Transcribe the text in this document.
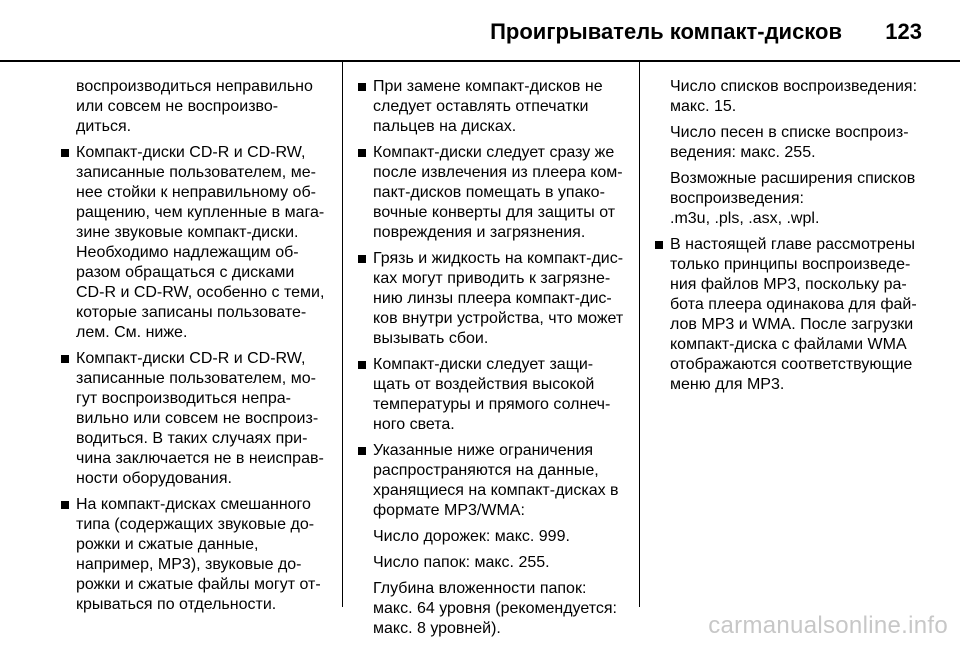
Проигрыватель компакт-дисков 123
воспроизводиться неправильно
или совсем не воспроизво-
диться.
Компакт-диски CD-R и CD-RW,
записанные пользователем, ме-
нее стойки к неправильному об-
ращению, чем купленные в мага-
зине звуковые компакт-диски.
Необходимо надлежащим об-
разом обращаться с дисками
CD-R и CD-RW, особенно с теми,
которые записаны пользовате-
лем. См. ниже.
Компакт-диски CD-R и CD-RW,
записанные пользователем, мо-
гут воспроизводиться непра-
вильно или совсем не воспроиз-
водиться. В таких случаях при-
чина заключается не в неисправ-
ности оборудования.
На компакт-дисках смешанного
типа (содержащих звуковые до-
рожки и сжатые данные,
например, MP3), звуковые до-
рожки и сжатые файлы могут от-
крываться по отдельности.
При замене компакт-дисков не
следует оставлять отпечатки
пальцев на дисках.
Компакт-диски следует сразу же
после извлечения из плеера ком-
пакт-дисков помещать в упако-
вочные конверты для защиты от
повреждения и загрязнения.
Грязь и жидкость на компакт-дис-
ках могут приводить к загрязне-
нию линзы плеера компакт-дис-
ков внутри устройства, что может
вызывать сбои.
Компакт-диски следует защи-
щать от воздействия высокой
температуры и прямого солнеч-
ного света.
Указанные ниже ограничения
распространяются на данные,
хранящиеся на компакт-дисках в
формате MP3/WMA:
Число дорожек: макс. 999.
Число папок: макс. 255.
Глубина вложенности папок:
макс. 64 уровня (рекомендуется:
макс. 8 уровней).
Число списков воспроизведения:
макс. 15.
Число песен в списке воспроиз-
ведения: макс. 255.
Возможные расширения списков
воспроизведения:
.m3u, .pls, .asx, .wpl.
В настоящей главе рассмотрены
только принципы воспроизведе-
ния файлов MP3, поскольку ра-
бота плеера одинакова для фай-
лов MP3 и WMA. После загрузки
компакт-диска с файлами WMA
отображаются соответствующие
меню для MP3.
carmanualsonline.info
